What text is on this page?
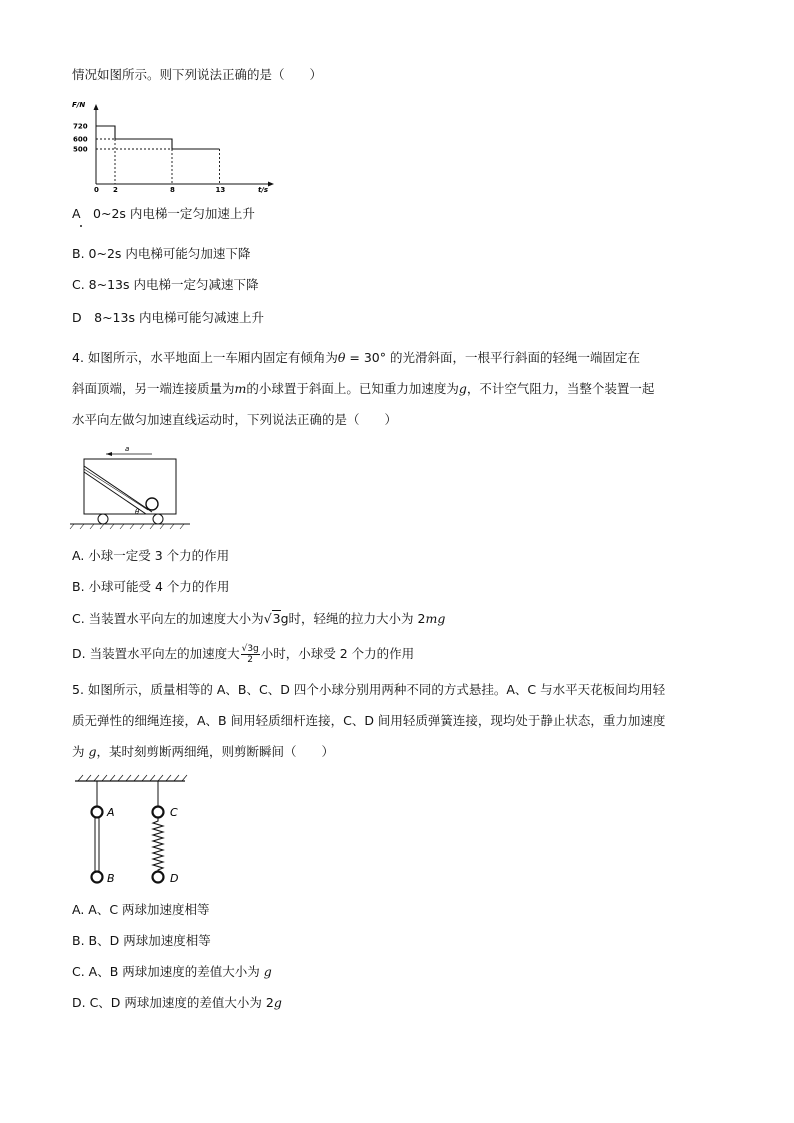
情况如图所示。则下列说法正确的是（　　）
F/N
t/s
720
600
500
0 2	8	13
A　0~2s 内电梯一定匀加速上升
B. 0~2s 内电梯可能匀加速下降
C. 8~13s 内电梯一定匀减速下降
D　8~13s 内电梯可能匀减速上升
4. 如图所示，水平地面上一车厢内固定有倾角为θ = 30° 的光滑斜面，一根平行斜面的轻绳一端固定在
斜面顶端，另一端连接质量为m的小球置于斜面上。已知重力加速度为g，不计空气阻力，当整个装置一起
水平向左做匀加速直线运动时，下列说法正确的是（　　）
a
θ
A. 小球一定受 3 个力的作用
B. 小球可能受 4 个力的作用
C. 当装置水平向左的加速度大小为√3g时，轻绳的拉力大小为 2mg
D. 当装置水平向左的加速度大 $\frac{√3g}{2}$ 小时，小球受 2 个力的作用
5. 如图所示，质量相等的 A、B、C、D 四个小球分别用两种不同的方式悬挂。A、C 与水平天花板间均用轻
质无弹性的细绳连接，A、B 间用轻质细杆连接，C、D 间用轻质弹簧连接，现均处于静止状态，重力加速度
为 g，某时刻剪断两细绳，则剪断瞬间（　　）
A
B
C
D
A. A、C 两球加速度相等
B. B、D 两球加速度相等
C. A、B 两球加速度的差值大小为 g
D. C、D 两球加速度的差值大小为 2g
